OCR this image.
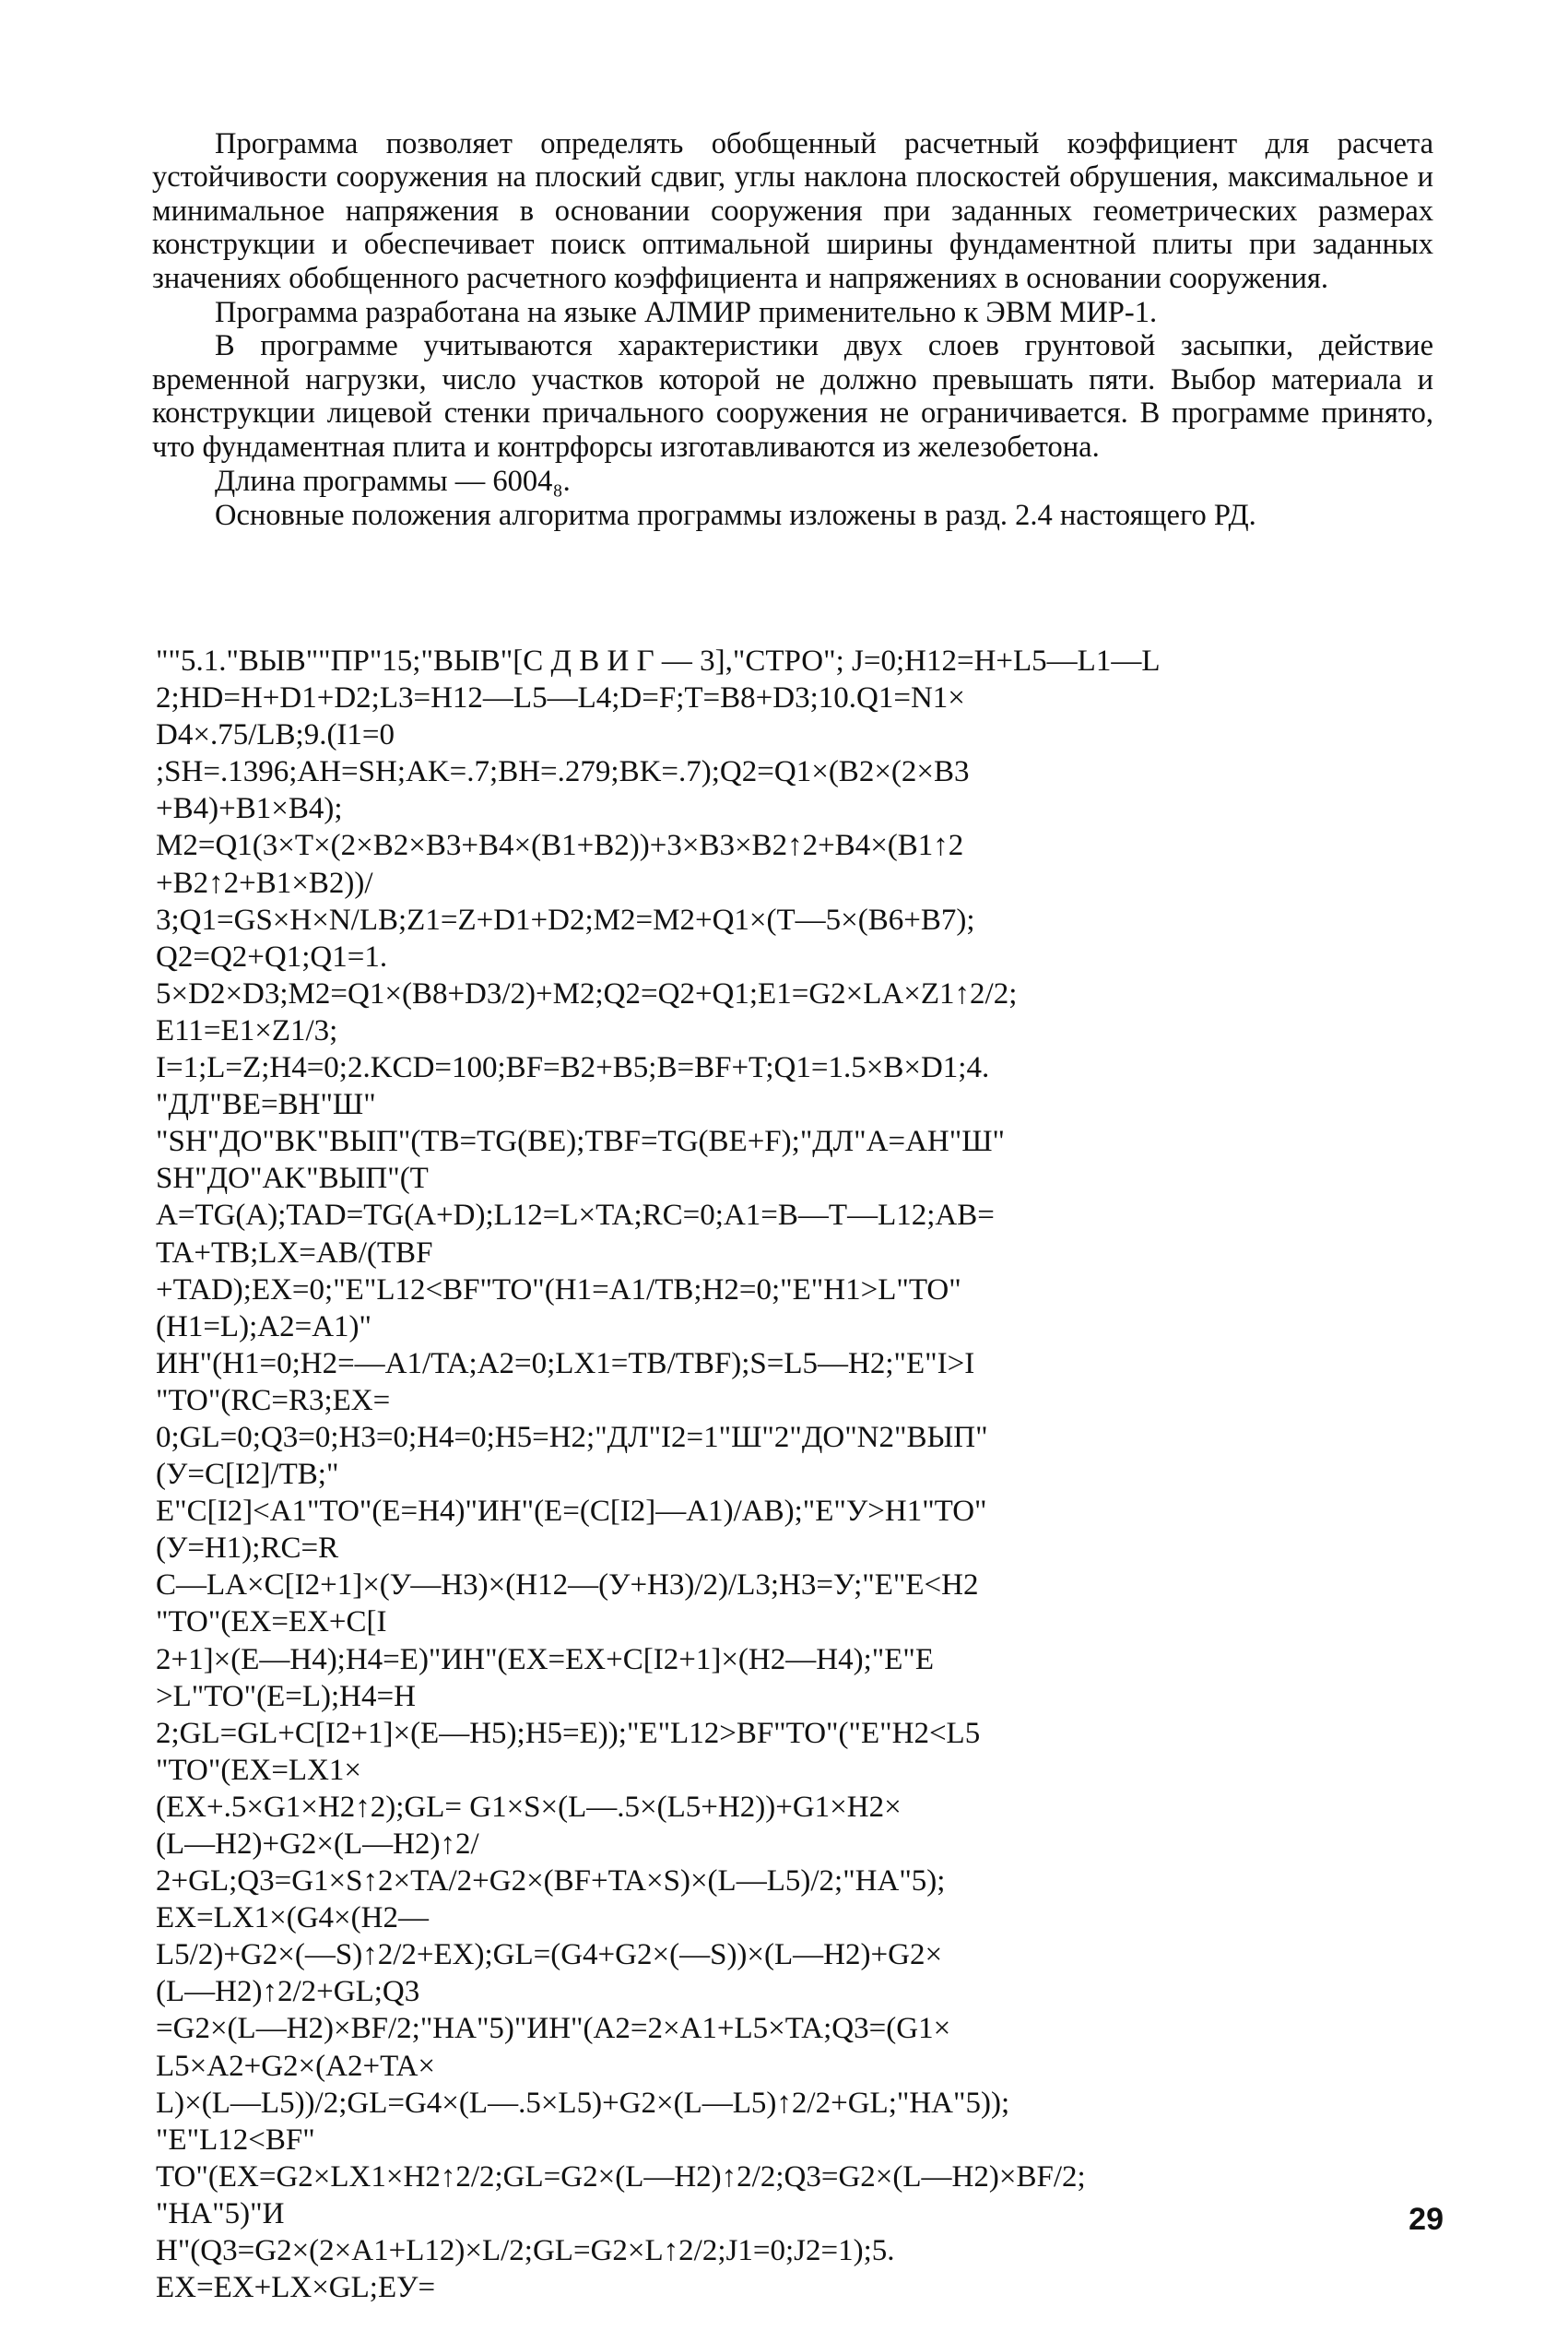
Программа позволяет определять обобщенный расчетный коэффициент для расчета устойчивости сооружения на плоский сдвиг, углы наклона плоскостей обрушения, максимальное и минимальное напряжения в основании сооружения при заданных геометрических размерах конструкции и обеспечивает поиск оптимальной ширины фундаментной плиты при заданных значениях обобщенного расчетного коэффициента и напряжениях в основании сооружения.

Программа разработана на языке АЛМИР применительно к ЭВМ МИР-1.

В программе учитываются характеристики двух слоев грунтовой засыпки, действие временной нагрузки, число участков которой не должно превышать пяти. Выбор материала и конструкции лицевой стенки причального сооружения не ограничивается. В программе принято, что фундаментная плита и контрфорсы изготавливаются из железобетона.

Длина программы — 6004₈.

Основные положения алгоритма программы изложены в разд. 2.4 настоящего РД.

""5.1."ВЫВ""ПР"15;"ВЫВ"[С Д В И Г — 3],"СТРО"; J=0;H12=H+L5—L1—L
2;HD=H+D1+D2;L3=H12—L5—L4;D=F;T=B8+D3;10.Q1=N1×
D4×.75/LB;9.(I1=0
;SH=.1396;AH=SH;AK=.7;BH=.279;BK=.7);Q2=Q1×(B2×(2×B3
+B4)+B1×B4);
M2=Q1(3×T×(2×B2×B3+B4×(B1+B2))+3×B3×B2↑2+B4×(B1↑2
+B2↑2+B1×B2))/
3;Q1=GS×H×N/LB;Z1=Z+D1+D2;M2=M2+Q1×(T—5×(B6+B7);
Q2=Q2+Q1;Q1=1.
5×D2×D3;M2=Q1×(B8+D3/2)+M2;Q2=Q2+Q1;E1=G2×LA×Z1↑2/2;
E11=E1×Z1/3;
I=1;L=Z;H4=0;2.KCD=100;BF=B2+B5;B=BF+T;Q1=1.5×B×D1;4.
"ДЛ"BE=BH"Ш"
"SH"ДО"BK"ВЫП"(TB=TG(BE);TBF=TG(BE+F);"ДЛ"A=AH"Ш"
SH"ДО"AK"ВЫП"(T
A=TG(A);TAD=TG(A+D);L12=L×TA;RC=0;A1=B—T—L12;AB=
TA+TB;LX=AB/(TBF
+TAD);EX=0;"E"L12<BF"TO"(H1=A1/TB;H2=0;"E"H1>L"TO"
(H1=L);A2=A1)"
ИН"(H1=0;H2=—A1/TA;A2=0;LX1=TB/TBF);S=L5—H2;"E"I>I
"TO"(RC=R3;EX=
0;GL=0;Q3=0;H3=0;H4=0;H5=H2;"ДЛ"I2=1"Ш"2"ДО"N2"ВЫП"
(У=C[I2]/TB;"
E"C[I2]<A1"TO"(E=H4)"ИН"(E=(C[I2]—A1)/AB);"E"У>H1"TO"
(У=H1);RC=R
C—LA×C[I2+1]×(У—H3)×(H12—(У+H3)/2)/L3;H3=У;"E"E<H2
"TO"(EX=EX+C[I
2+1]×(E—H4);H4=E)"ИН"(EX=EX+C[I2+1]×(H2—H4);"E"E
>L"TO"(E=L);H4=H
2;GL=GL+C[I2+1]×(E—H5);H5=E));"E"L12>BF"TO"("E"H2<L5
"TO"(EX=LX1×
(EX+.5×G1×H2↑2);GL= G1×S×(L—.5×(L5+H2))+G1×H2×
(L—H2)+G2×(L—H2)↑2/
2+GL;Q3=G1×S↑2×TA/2+G2×(BF+TA×S)×(L—L5)/2;"HA"5);
EX=LX1×(G4×(H2—
L5/2)+G2×(—S)↑2/2+EX);GL=(G4+G2×(—S))×(L—H2)+G2×
(L—H2)↑2/2+GL;Q3
=G2×(L—H2)×BF/2;"HA"5)"ИН"(A2=2×A1+L5×TA;Q3=(G1×
L5×A2+G2×(A2+TA×
L)×(L—L5))/2;GL=G4×(L—.5×L5)+G2×(L—L5)↑2/2+GL;"HA"5));
"E"L12<BF"
TO"(EX=G2×LX1×H2↑2/2;GL=G2×(L—H2)↑2/2;Q3=G2×(L—H2)×BF/2;
"HA"5)"И
H"(Q3=G2×(2×A1+L12)×L/2;GL=G2×L↑2/2;J1=0;J2=1);5.
EX=EX+LX×GL;EУ=
29
